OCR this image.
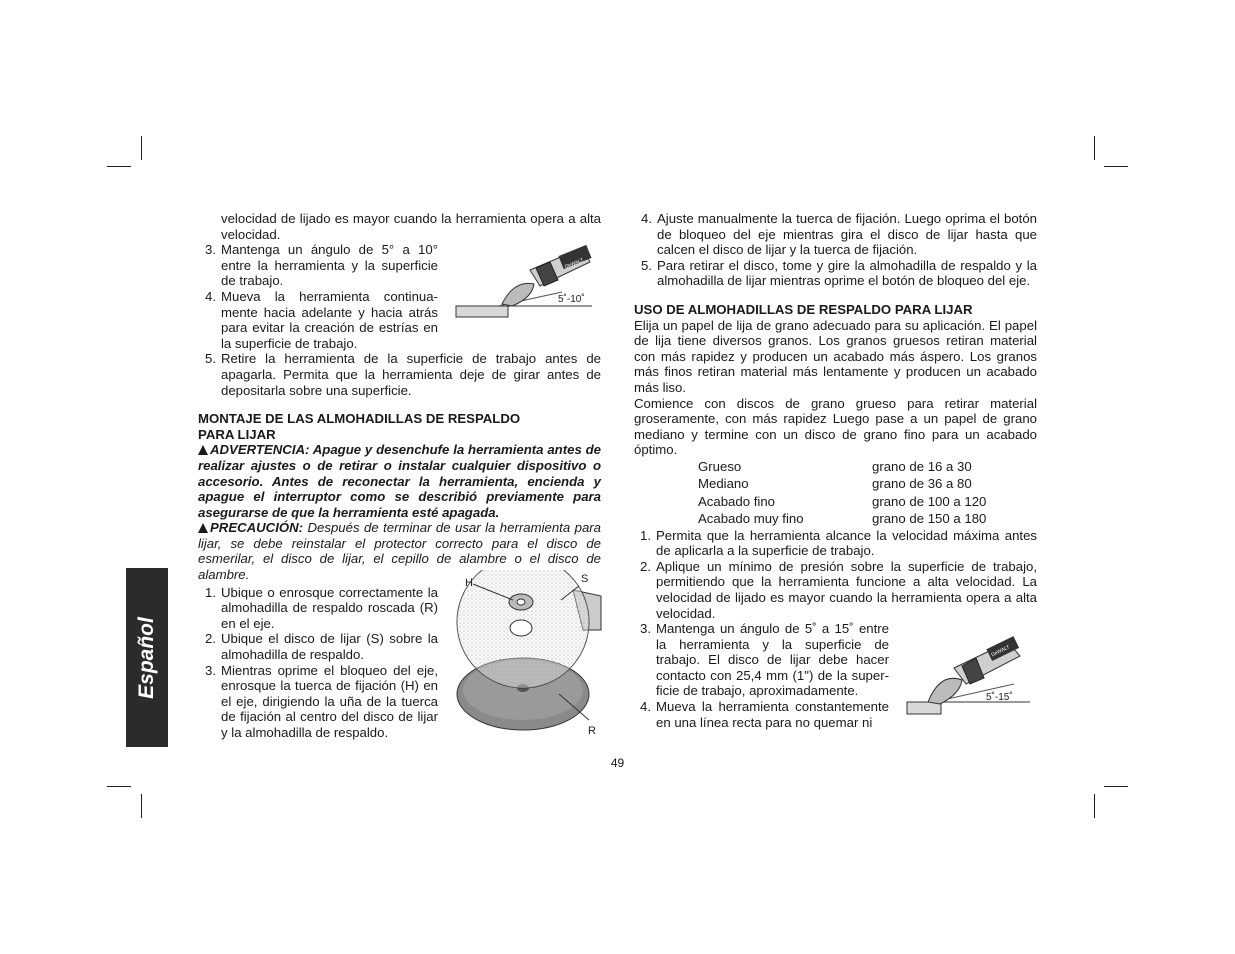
Español
velocidad de lijado es mayor cuando la herramienta opera a alta velocidad.
3. Mantenga un ángulo de 5° a 10° entre la herramienta y la superficie de trabajo.
4. Mueva la herramienta continuamente hacia adelante y hacia atrás para evitar la creación de estrías en la superficie de trabajo.
5. Retire la herramienta de la superficie de trabajo antes de apagarla. Permita que la herramienta deje de girar antes de depositarla sobre una superficie.
MONTAJE DE LAS ALMOHADILLAS DE RESPALDO
PARA LIJAR
ADVERTENCIA: Apague y desenchufe la herramienta antes de realizar ajustes o de retirar o instalar cualquier dispositivo o accesorio. Antes de reconectar la herramienta, encienda y apague el interruptor como se describió previamente para asegurarse de que la herramienta esté apagada.
PRECAUCIÓN: Después de terminar de usar la herramienta para lijar, se debe reinstalar el protector correcto para el disco de esmerilar, el disco de lijar, el cepillo de alambre o el disco de alambre.
1. Ubique o enrosque correctamente la almohadilla de respaldo roscada (R) en el eje.
2. Ubique el disco de lijar (S) sobre la almohadilla de respaldo.
3. Mientras oprime el bloqueo del eje, enrosque la tuerca de fijación (H) en el eje, dirigiendo la uña de la tuerca de fijación al centro del disco de lijar y la almohadilla de respaldo.
DeWALT
5˚-10˚
H	S
R
4. Ajuste manualmente la tuerca de fijación. Luego oprima el botón de bloqueo del eje mientras gira el disco de lijar hasta que calcen el disco de lijar y la tuerca de fijación.
5. Para retirar el disco, tome y gire la almohadilla de respaldo y la almohadilla de lijar mientras oprime el botón de bloqueo del eje.
USO DE ALMOHADILLAS DE RESPALDO PARA LIJAR
Elija un papel de lija de grano adecuado para su aplicación. El papel de lija tiene diversos granos. Los granos gruesos retiran material con más rapidez y producen un acabado más áspero. Los granos más finos retiran material más lentamente y producen un acabado más liso.
Comience con discos de grano grueso para retirar material groseramente, con más rapidez Luego pase a un papel de grano mediano y termine con un disco de grano fino para un acabado óptimo.
Grueso	grano de 16 a 30
Mediano	grano de 36 a 80
Acabado fino	grano de 100 a 120
Acabado muy fino	grano de 150 a 180
1. Permita que la herramienta alcance la velocidad máxima antes de aplicarla a la superficie de trabajo.
2. Aplique un mínimo de presión sobre la superficie de trabajo, permitiendo que la herramienta funcione a alta velocidad. La velocidad de lijado es mayor cuando la herramienta opera a alta velocidad.
3. Mantenga un ángulo de 5˚ a 15˚ entre la herramienta y la superficie de trabajo. El disco de lijar debe hacer contacto con 25,4 mm (1") de la superficie de trabajo, aproximadamente.
4. Mueva la herramienta constantemente en una línea recta para no quemar ni
DeWALT
5˚-15˚
49
